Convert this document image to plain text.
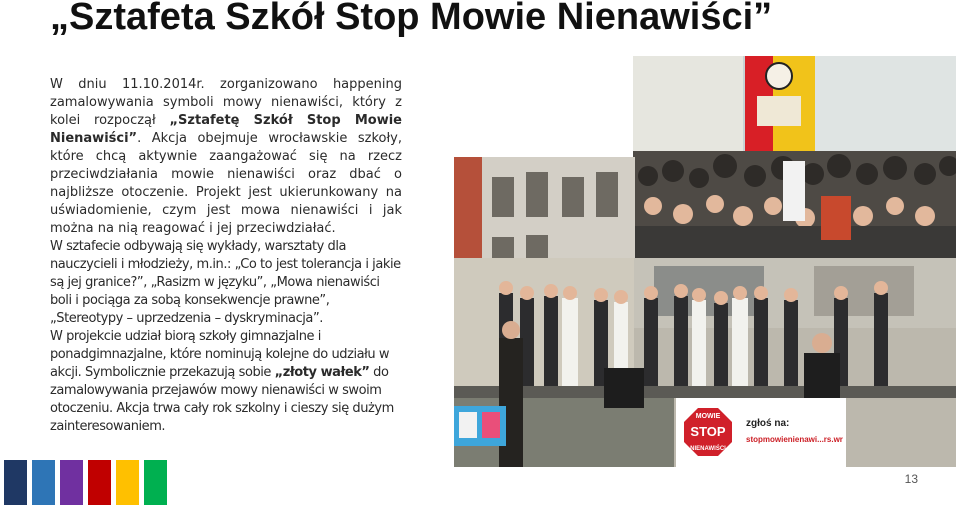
„Sztafeta Szkół Stop Mowie Nienawiści”

W dniu 11.10.2014r. zorganizowano happening zamalowywania symboli mowy nienawiści, który z kolei rozpoczął „Sztafetę Szkół Stop Mowie Nienawiści”. Akcja obejmuje wrocławskie szkoły, które chcą aktywnie zaangażować się na rzecz przeciwdziałania mowie nienawiści oraz dbać o najbliższe otoczenie. Projekt jest ukierunkowany na uświadomienie, czym jest mowa nienawiści i jak można na nią reagować i jej przeciwdziałać.

W sztafecie odbywają się wykłady, warsztaty dla nauczycieli i młodzieży, m.in.: „Co to jest tolerancja i jakie są jej granice?”, „Rasizm w języku”, „Mowa nienawiści boli i pociąga za sobą konsekwencje prawne”, „Stereotypy – uprzedzenia – dyskryminacja”.

W projekcie udział biorą szkoły gimnazjalne i ponadgimnazjalne, które nominują kolejne do udziału w akcji. Symbolicznie przekazują sobie „złoty wałek” do zamalowywania przejawów mowy nienawiści w swoim otoczeniu. Akcja trwa cały rok szkolny i cieszy się dużym zainteresowaniem.

MOWIE
STOP
NIENAWIŚCI
zgłoś na:
stopmowienienawi...rs.wr
13
